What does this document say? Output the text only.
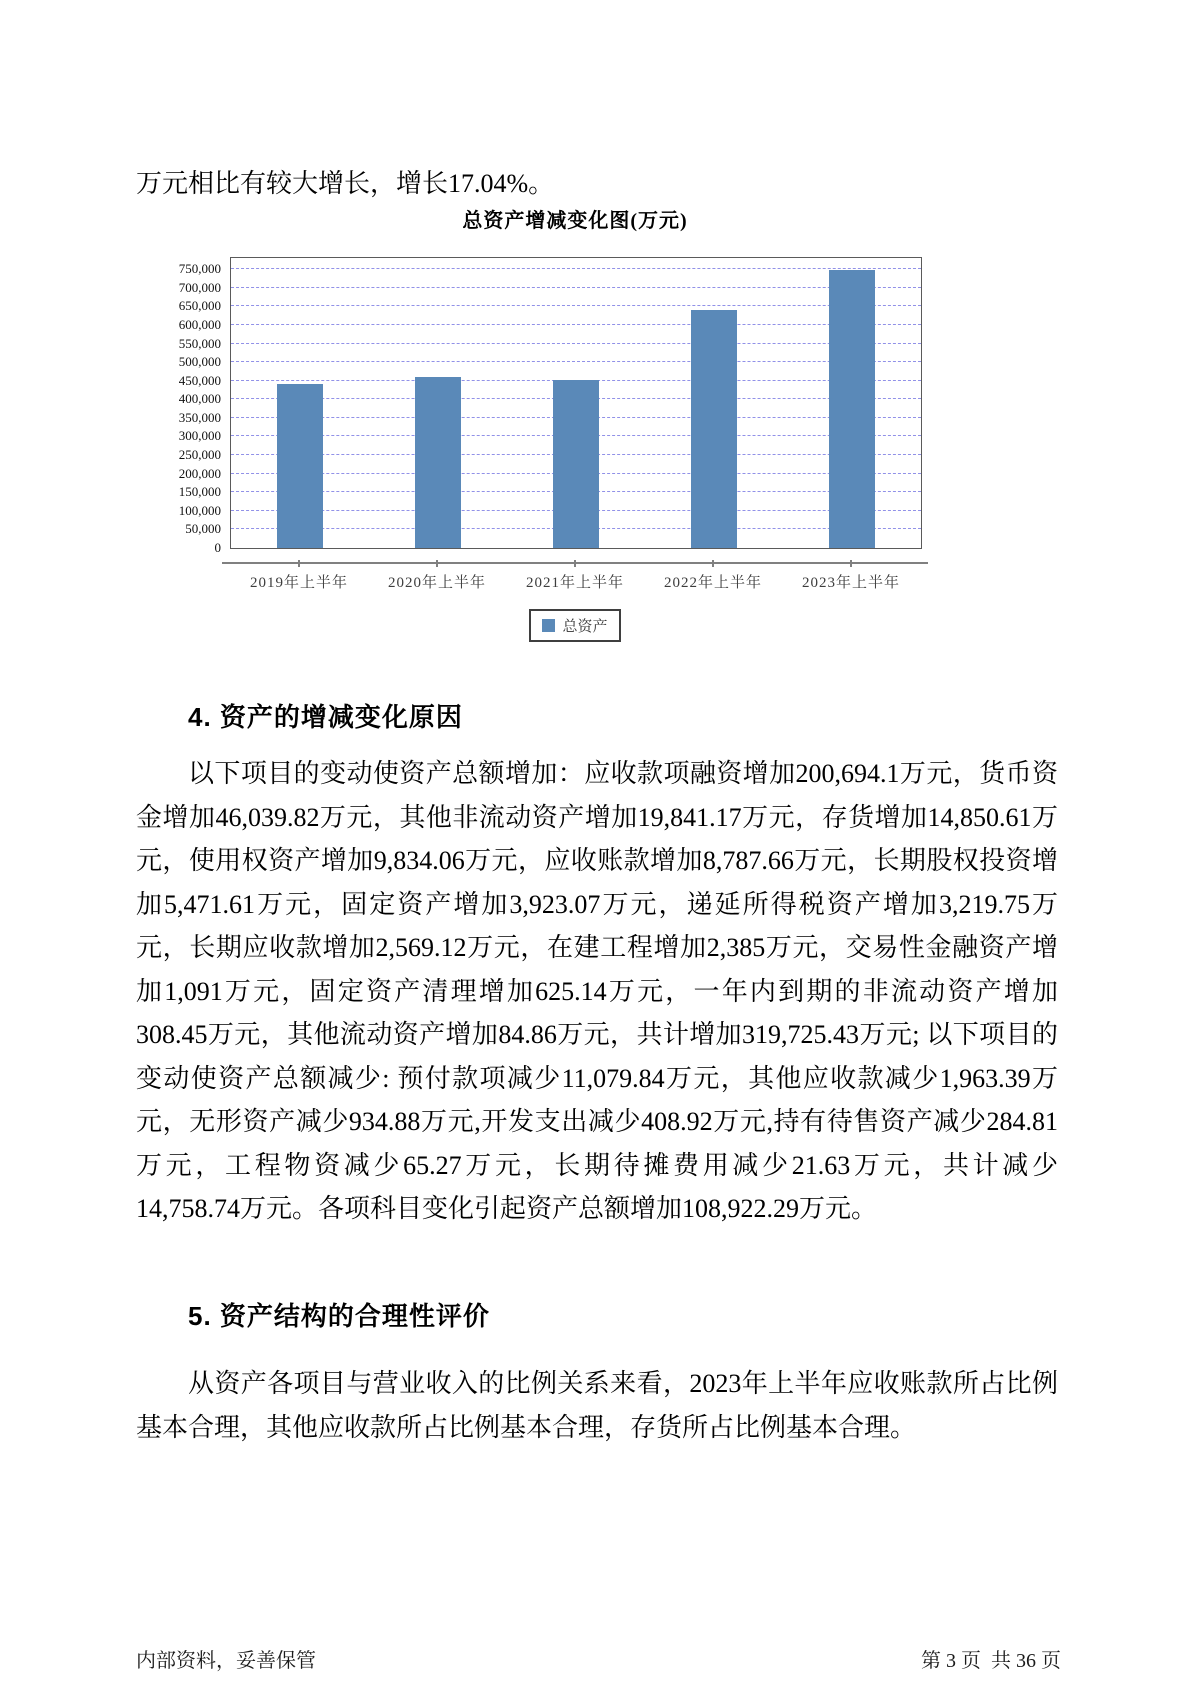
万元相比有较大增长，增长17.04%。

总资产增减变化图(万元)
0
50,000
100,000
150,000
200,000
250,000
300,000
350,000
400,000
450,000
500,000
550,000
600,000
650,000
700,000
750,000
2019年上半年	2020年上半年	2021年上半年	2022年上半年	2023年上半年
总资产
4. 资产的增减变化原因

以下项目的变动使资产总额增加：应收款项融资增加200,694.1万元，货币资金增加46,039.82万元，其他非流动资产增加19,841.17万元，存货增加14,850.61万元，使用权资产增加9,834.06万元，应收账款增加8,787.66万元，长期股权投资增加5,471.61万元，固定资产增加3,923.07万元，递延所得税资产增加3,219.75万元，长期应收款增加2,569.12万元，在建工程增加2,385万元，交易性金融资产增加1,091万元，固定资产清理增加625.14万元，一年内到期的非流动资产增加308.45万元，其他流动资产增加84.86万元，共计增加319,725.43万元; 以下项目的变动使资产总额减少: 预付款项减少11,079.84万元，其他应收款减少1,963.39万元，无形资产减少934.88万元,开发支出减少408.92万元,持有待售资产减少284.81万元，工程物资减少65.27万元，长期待摊费用减少21.63万元，共计减少14,758.74万元。各项科目变化引起资产总额增加108,922.29万元。

5. 资产结构的合理性评价

从资产各项目与营业收入的比例关系来看，2023年上半年应收账款所占比例基本合理，其他应收款所占比例基本合理，存货所占比例基本合理。

内部资料，妥善保管	第 3 页  共 36 页
